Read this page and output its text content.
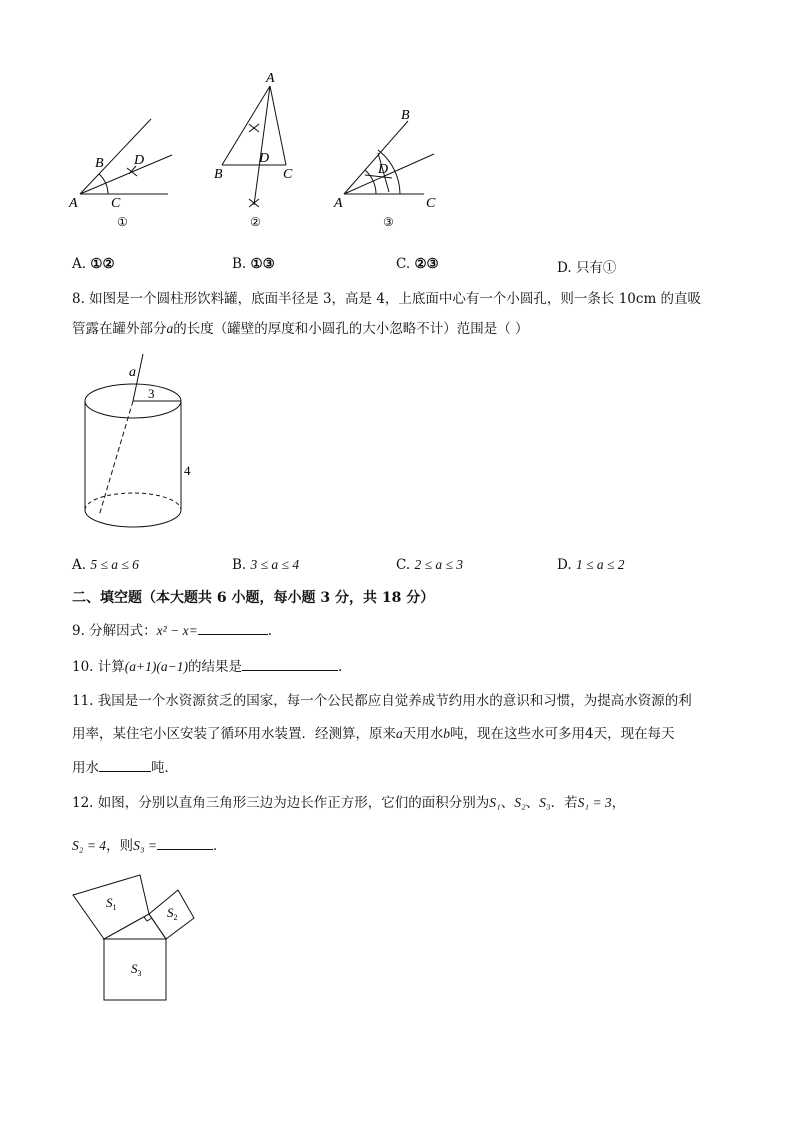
A
B
C
D
①
A
B	C
D
②
A
B
C
D
③
A. ①②	B. ①③	C. ②③	D. 只有①
8. 如图是一个圆柱形饮料罐，底面半径是 3，高是 4，上底面中心有一个小圆孔，则一条长 10cm 的直吸
管露在罐外部分a的长度（罐壁的厚度和小圆孔的大小忽略不计）范围是（ ）
a
3
4
A. 5 ≤ a ≤ 6	B. 3 ≤ a ≤ 4	C. 2 ≤ a ≤ 3	D. 1 ≤ a ≤ 2
二、填空题（本大题共 6 小题，每小题 3 分，共 18 分）
9. 分解因式：x² − x=	.
10. 计算(a+1)(a−1)的结果是	.
11. 我国是一个水资源贫乏的国家，每一个公民都应自觉养成节约用水的意识和习惯，为提高水资源的利
用率，某住宅小区安装了循环用水装置．经测算，原来a天用水b吨，现在这些水可多用4天，现在每天
用水	吨．
12. 如图，分别以直角三角形三边为边长作正方形，它们的面积分别为S₁、S₂、S₃．若S₁ = 3，
S₂ = 4，则S₃ =	．
$S_1$	$S_2$
$S_3$
